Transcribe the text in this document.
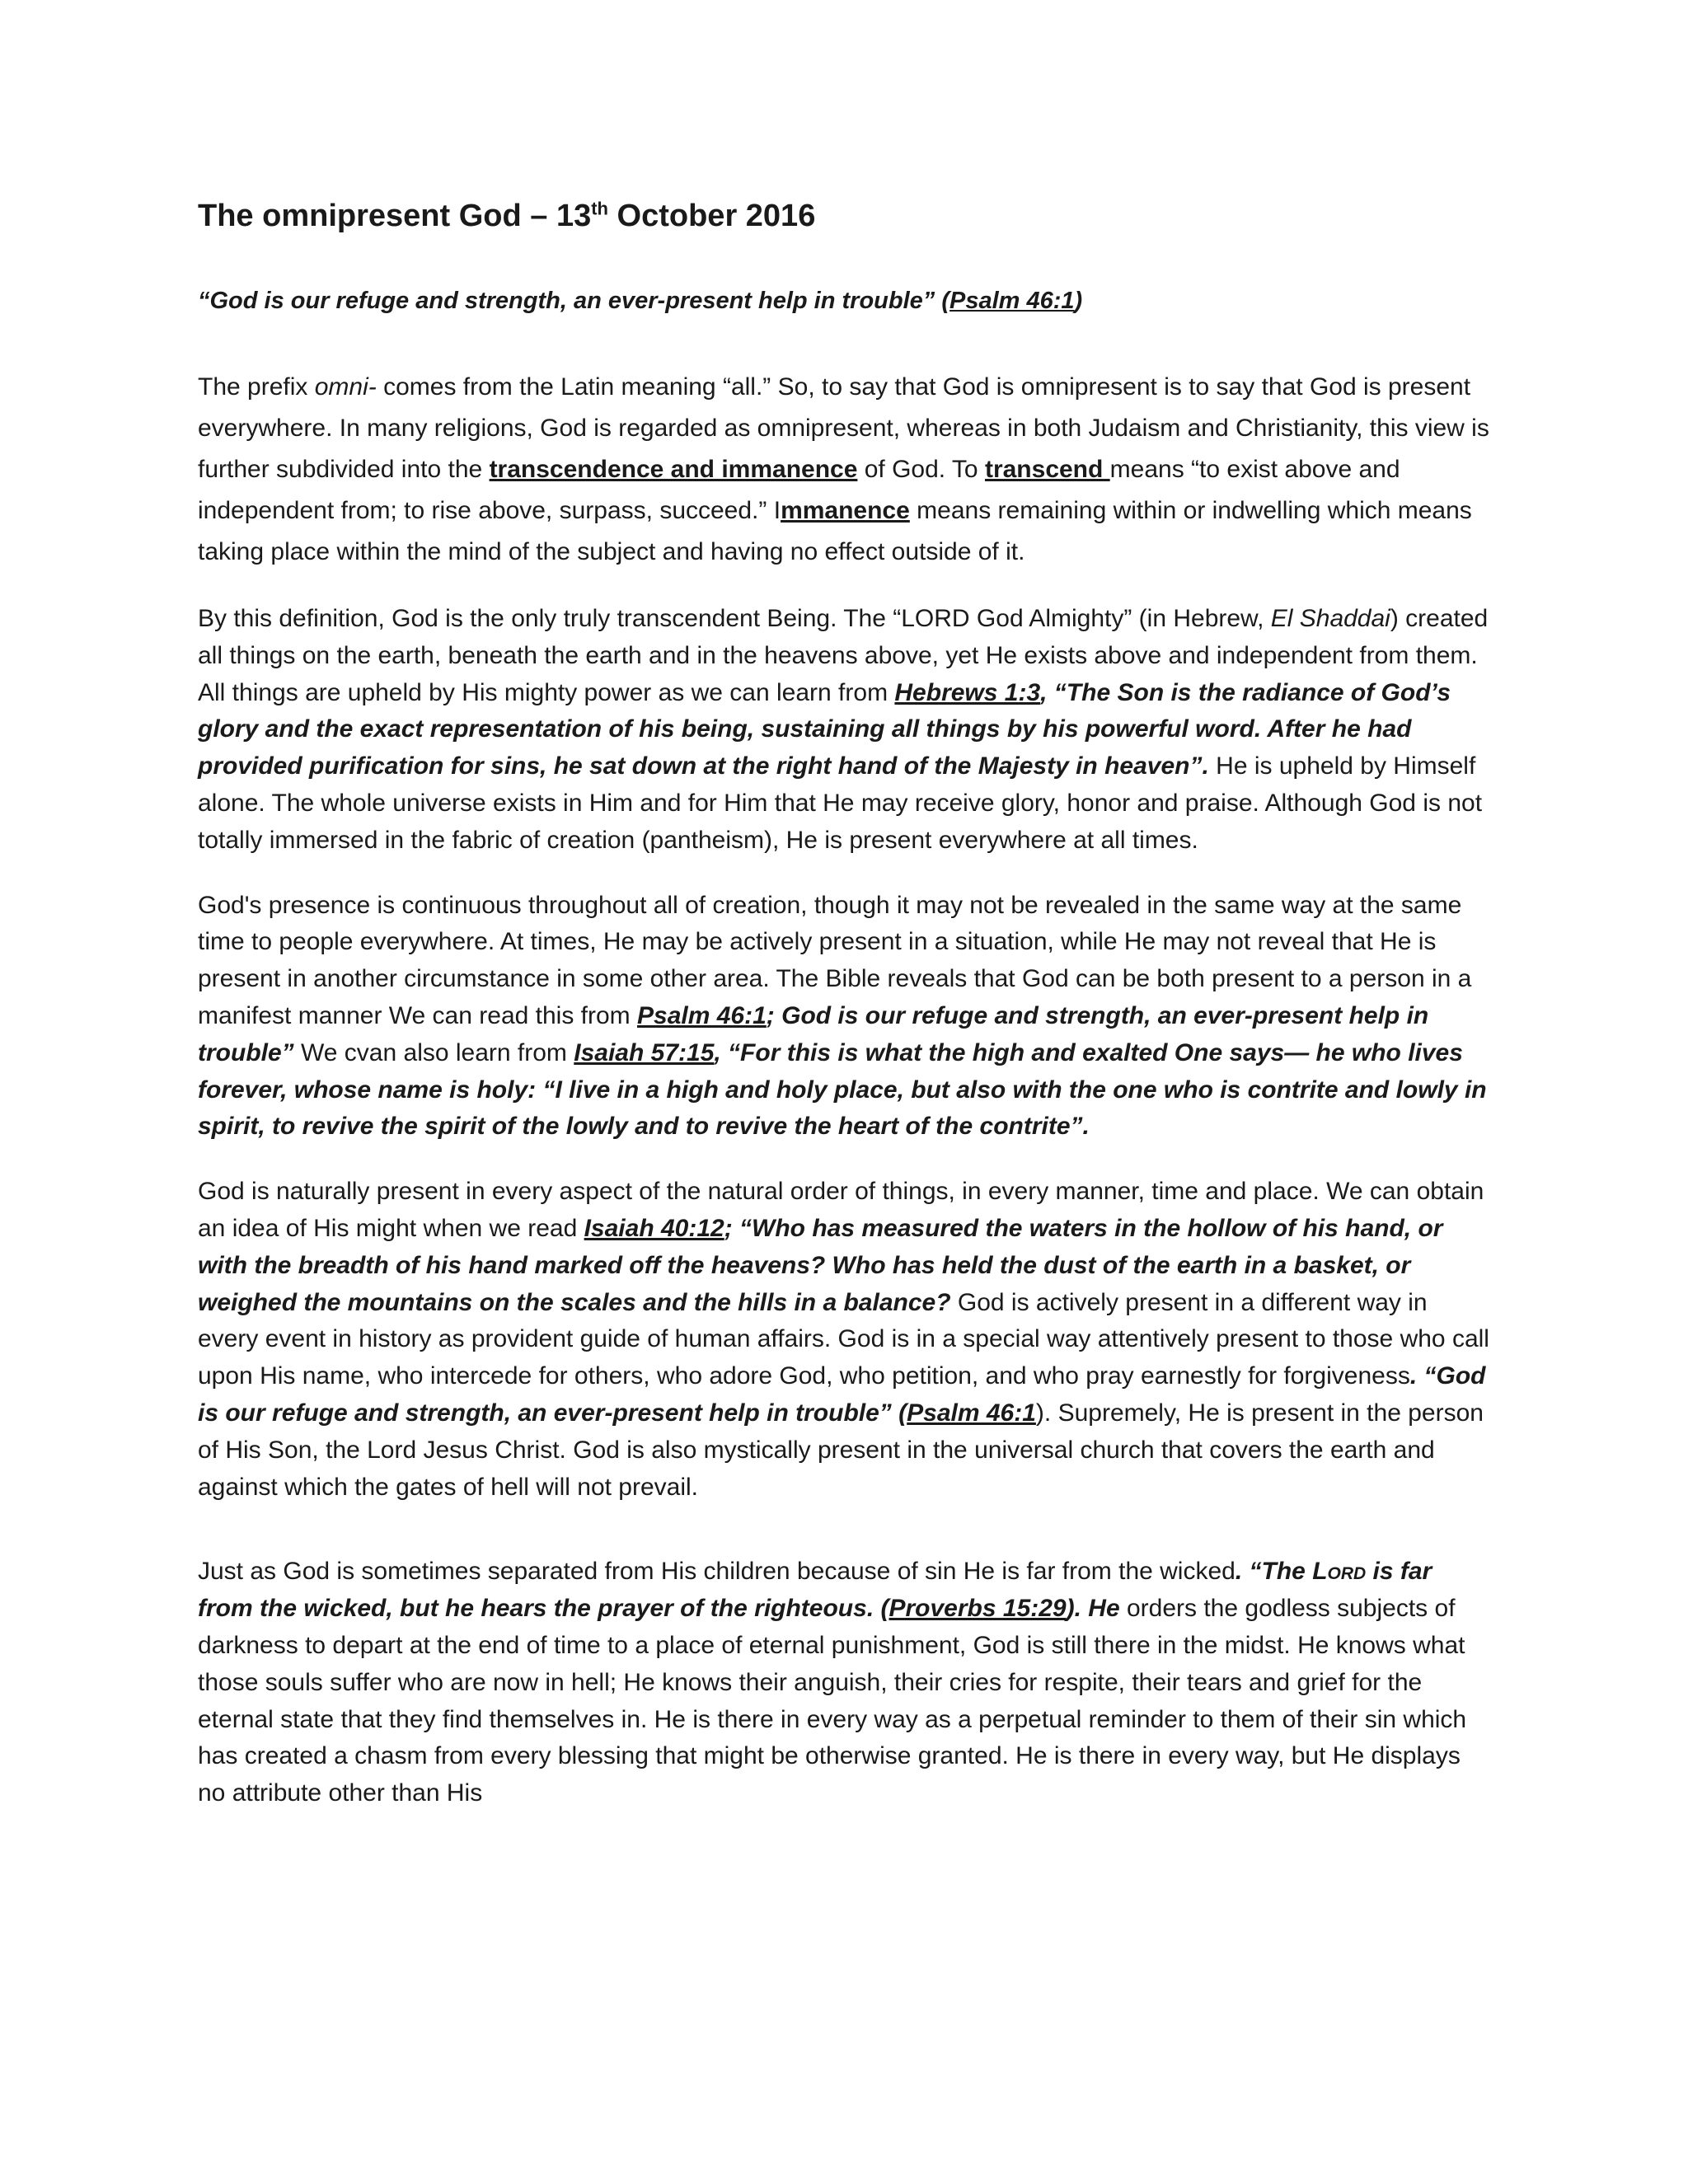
The omnipresent God – 13th October 2016
“God is our refuge and strength, an ever-present help in trouble” (Psalm 46:1)

The prefix omni- comes from the Latin meaning “all.” So, to say that God is omnipresent is to say that God is present everywhere. In many religions, God is regarded as omnipresent, whereas in both Judaism and Christianity, this view is further subdivided into the transcendence and immanence of God. To transcend means “to exist above and independent from; to rise above, surpass, succeed.” Immanence means remaining within or indwelling which means taking place within the mind of the subject and having no effect outside of it.

By this definition, God is the only truly transcendent Being. The “LORD God Almighty” (in Hebrew, El Shaddai) created all things on the earth, beneath the earth and in the heavens above, yet He exists above and independent from them. All things are upheld by His mighty power as we can learn from Hebrews 1:3, “The Son is the radiance of God’s glory and the exact representation of his being, sustaining all things by his powerful word. After he had provided purification for sins, he sat down at the right hand of the Majesty in heaven”. He is upheld by Himself alone. The whole universe exists in Him and for Him that He may receive glory, honor and praise. Although God is not totally immersed in the fabric of creation (pantheism), He is present everywhere at all times.

God's presence is continuous throughout all of creation, though it may not be revealed in the same way at the same time to people everywhere. At times, He may be actively present in a situation, while He may not reveal that He is present in another circumstance in some other area. The Bible reveals that God can be both present to a person in a manifest manner We can read this from Psalm 46:1; God is our refuge and strength, an ever-present help in trouble” We cvan also learn from Isaiah 57:15, “For this is what the high and exalted One says— he who lives forever, whose name is holy: “I live in a high and holy place, but also with the one who is contrite and lowly in spirit, to revive the spirit of the lowly and to revive the heart of the contrite”.

God is naturally present in every aspect of the natural order of things, in every manner, time and place. We can obtain an idea of His might when we read Isaiah 40:12; “Who has measured the waters in the hollow of his hand, or with the breadth of his hand marked off the heavens? Who has held the dust of the earth in a basket, or weighed the mountains on the scales and the hills in a balance? God is actively present in a different way in every event in history as provident guide of human affairs. God is in a special way attentively present to those who call upon His name, who intercede for others, who adore God, who petition, and who pray earnestly for forgiveness. “God is our refuge and strength, an ever-present help in trouble” (Psalm 46:1). Supremely, He is present in the person of His Son, the Lord Jesus Christ. God is also mystically present in the universal church that covers the earth and against which the gates of hell will not prevail.

Just as God is sometimes separated from His children because of sin He is far from the wicked. “The Lord is far from the wicked, but he hears the prayer of the righteous. (Proverbs 15:29). He orders the godless subjects of darkness to depart at the end of time to a place of eternal punishment, God is still there in the midst. He knows what those souls suffer who are now in hell; He knows their anguish, their cries for respite, their tears and grief for the eternal state that they find themselves in. He is there in every way as a perpetual reminder to them of their sin which has created a chasm from every blessing that might be otherwise granted. He is there in every way, but He displays no attribute other than His
